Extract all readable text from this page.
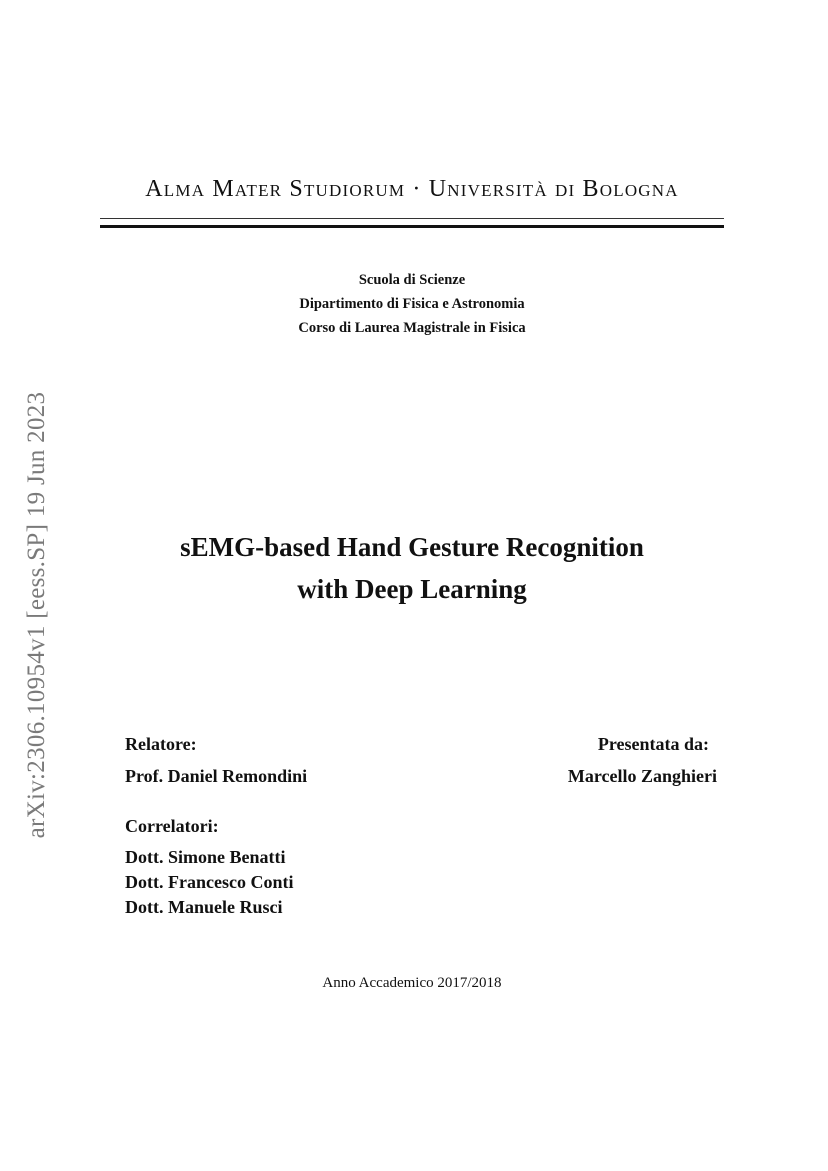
arXiv:2306.10954v1 [eess.SP] 19 Jun 2023
Alma Mater Studiorum · Università di Bologna
Scuola di Scienze
Dipartimento di Fisica e Astronomia
Corso di Laurea Magistrale in Fisica
sEMG-based Hand Gesture Recognition
with Deep Learning
Relatore:
Prof. Daniel Remondini
Presentata da:
Marcello Zanghieri
Correlatori:
Dott. Simone Benatti
Dott. Francesco Conti
Dott. Manuele Rusci
Anno Accademico 2017/2018
